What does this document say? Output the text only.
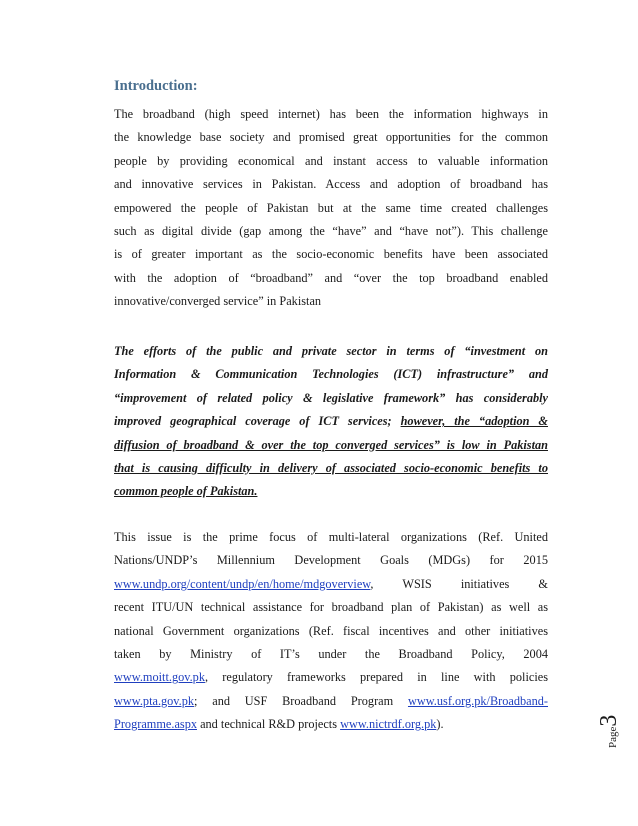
Introduction:
The broadband (high speed internet) has been the information highways in
the knowledge base society and promised great opportunities for the common
people by providing economical and instant access to valuable information
and innovative services in Pakistan. Access and adoption of broadband has
empowered the people of Pakistan but at the same time created challenges
such as digital divide (gap among the “have” and “have not”). This challenge
is of greater important as the socio-economic benefits have been associated
with the adoption of “broadband” and “over the top broadband enabled
innovative/converged service” in Pakistan
The efforts of the public and private sector in terms of “investment on
Information & Communication Technologies (ICT) infrastructure” and
“improvement of related policy & legislative framework” has considerably
improved geographical coverage of ICT services; however, the “adoption &
diffusion of broadband & over the top converged services” is low in Pakistan
that is causing difficulty in delivery of associated socio-economic benefits to
common people of Pakistan.
This issue is the prime focus of multi-lateral organizations (Ref. United
Nations/UNDP’s Millennium Development Goals (MDGs) for 2015
www.undp.org/content/undp/en/home/mdgoverview, WSIS initiatives &
recent ITU/UN technical assistance for broadband plan of Pakistan) as well as
national Government organizations (Ref. fiscal incentives and other initiatives
taken by Ministry of IT’s under the Broadband Policy, 2004
www.moitt.gov.pk, regulatory frameworks prepared in line with policies
www.pta.gov.pk; and USF Broadband Program www.usf.org.pk/Broadband-
Programme.aspx and technical R&D projects www.nictrdf.org.pk).
Page3
